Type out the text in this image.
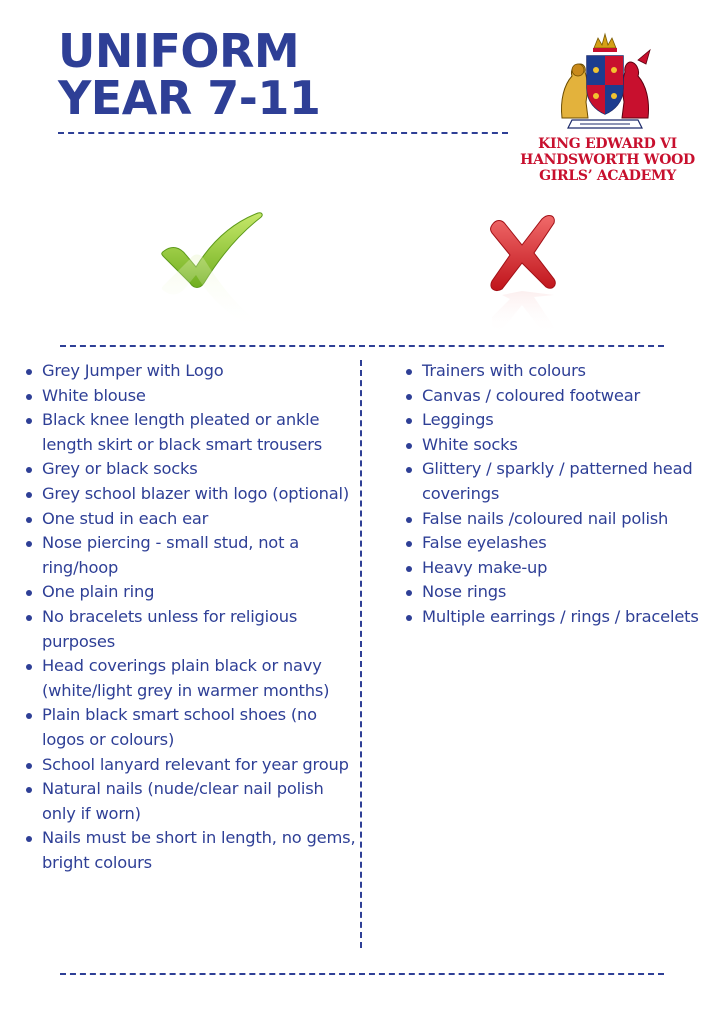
UNIFORM
YEAR 7-11
KING EDWARD VI
HANDSWORTH WOOD
GIRLS’ ACADEMY
Grey Jumper with Logo
White blouse
Black knee length pleated or ankle length skirt or black smart trousers
Grey or black socks
Grey school blazer with logo (optional)
One stud in each ear
Nose piercing - small stud, not a ring/hoop
One plain ring
No bracelets unless for religious purposes
Head coverings plain black or navy (white/light grey in warmer months)
Plain black smart school shoes (no logos or colours)
School lanyard relevant for year group
Natural nails (nude/clear nail polish only if worn)
Nails must be short in length, no gems, bright colours
Trainers with colours
Canvas / coloured footwear
Leggings
White socks
Glittery / sparkly / patterned head coverings
False nails /coloured nail polish
False eyelashes
Heavy make-up
Nose rings
Multiple earrings / rings / bracelets
